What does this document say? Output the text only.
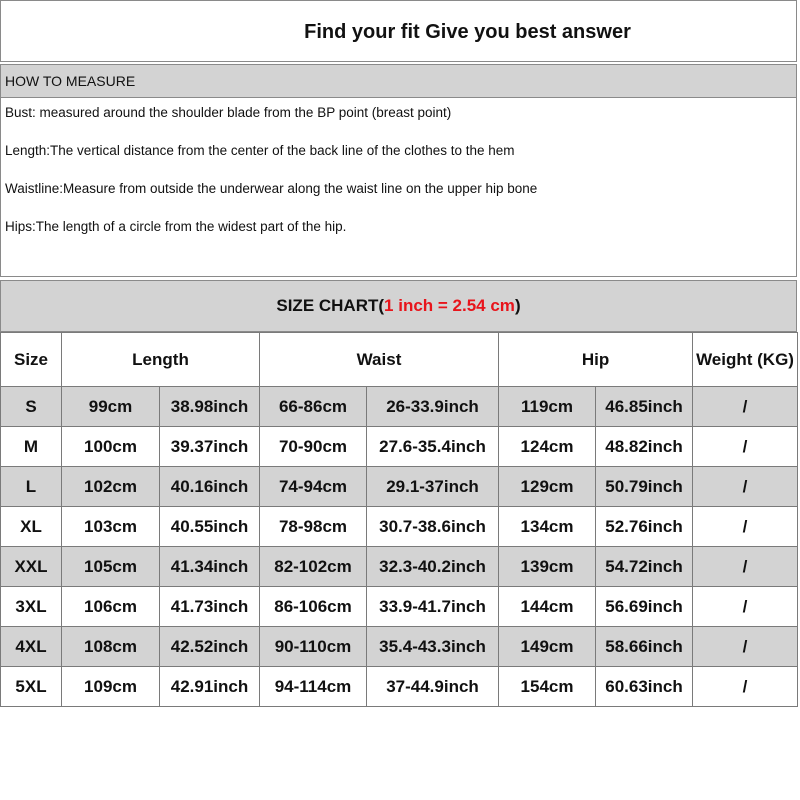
Find your fit Give you best answer
HOW TO MEASURE
Bust: measured around the shoulder blade from the BP point (breast point)
Length:The vertical distance from the center of the back line of the clothes to the hem
Waistline:Measure from outside the underwear along the waist line on the upper hip bone
Hips:The length of a circle from the widest part of the hip.
SIZE CHART(1 inch = 2.54 cm)
Size	Length		Waist		Hip		Weight (KG)
S	99cm	38.98inch	66-86cm	26-33.9inch	119cm	46.85inch	/
M	100cm	39.37inch	70-90cm	27.6-35.4inch	124cm	48.82inch	/
L	102cm	40.16inch	74-94cm	29.1-37inch	129cm	50.79inch	/
XL	103cm	40.55inch	78-98cm	30.7-38.6inch	134cm	52.76inch	/
XXL	105cm	41.34inch	82-102cm	32.3-40.2inch	139cm	54.72inch	/
3XL	106cm	41.73inch	86-106cm	33.9-41.7inch	144cm	56.69inch	/
4XL	108cm	42.52inch	90-110cm	35.4-43.3inch	149cm	58.66inch	/
5XL	109cm	42.91inch	94-114cm	37-44.9inch	154cm	60.63inch	/
